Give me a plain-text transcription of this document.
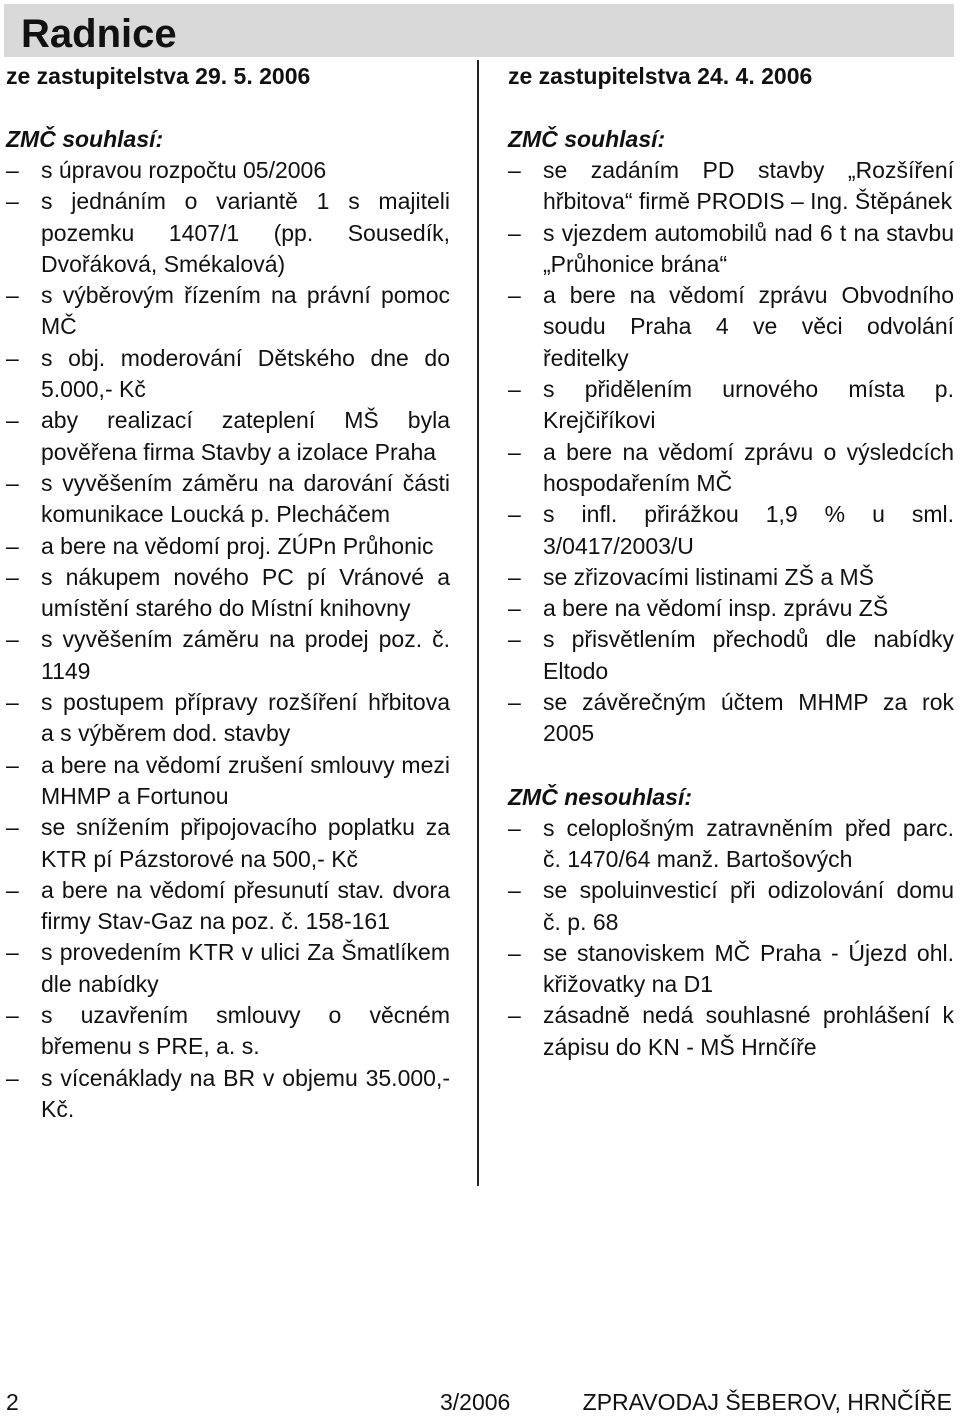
Radnice
ze zastupitelstva 29. 5. 2006
ZMČ souhlasí:
– s úpravou rozpočtu 05/2006
– s jednáním o variantě 1 s majiteli pozemku 1407/1 (pp. Sousedík, Dvořáková, Smékalová)
– s výběrovým řízením na právní pomoc MČ
– s obj. moderování Dětského dne do 5.000,- Kč
– aby realizací zateplení MŠ byla pověřena firma Stavby a izolace Praha
– s vyvěšením záměru na darování části komunikace Loucká p. Plecháčem
– a bere na vědomí proj. ZÚPn Průhonic
– s nákupem nového PC pí Vránové a umístění starého do Místní knihovny
– s vyvěšením záměru na prodej poz. č. 1149
– s postupem přípravy rozšíření hřbitova a s výběrem dod. stavby
– a bere na vědomí zrušení smlouvy mezi MHMP a Fortunou
– se snížením připojovacího poplatku za KTR pí Pázstorové na 500,- Kč
– a bere na vědomí přesunutí stav. dvora firmy Stav-Gaz na poz. č. 158-161
– s provedením KTR v ulici Za Šmatlíkem dle nabídky
– s uzavřením smlouvy o věcném břemenu s PRE, a. s.
– s vícenáklady na BR v objemu 35.000,- Kč.
ze zastupitelstva 24. 4. 2006
ZMČ souhlasí:
– se zadáním PD stavby „Rozšíření hřbitova“ firmě PRODIS – Ing. Štěpánek
– s vjezdem automobilů nad 6 t na stavbu „Průhonice brána“
– a bere na vědomí zprávu Obvodního soudu Praha 4 ve věci odvolání ředitelky
– s přidělením urnového místa p. Krejčiříkovi
– a bere na vědomí zprávu o výsledcích hospodařením MČ
– s infl. přirážkou 1,9 % u sml. 3/0417/2003/U
– se zřizovacími listinami ZŠ a MŠ
– a bere na vědomí insp. zprávu ZŠ
– s přisvětlením přechodů dle nabídky Eltodo
– se závěrečným účtem MHMP za rok 2005
ZMČ nesouhlasí:
– s celoplošným zatravněním před parc. č. 1470/64 manž. Bartošových
– se spoluinvesticí při odizolování domu č. p. 68
– se stanoviskem MČ Praha - Újezd ohl. křižovatky na D1
– zásadně nedá souhlasné prohlášení k zápisu do KN - MŠ Hrnčíře
2	3/2006	ZPRAVODAJ ŠEBEROV, HRNČÍŘE
